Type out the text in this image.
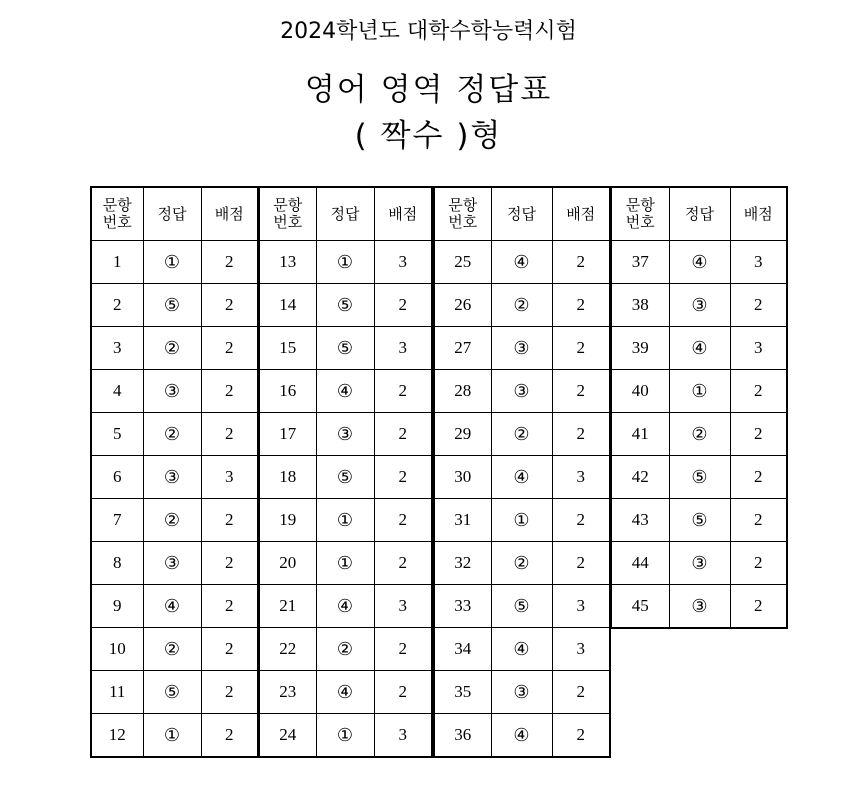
2024학년도 대학수학능력시험
영어 영역 정답표
( 짝수 )형
문항
번호	정답	배점
1	①	2
2	⑤	2
3	②	2
4	③	2
5	②	2
6	③	3
7	②	2
8	③	2
9	④	2
10	②	2
11	⑤	2
12	①	2
문항
번호	정답	배점
13	①	3
14	⑤	2
15	⑤	3
16	④	2
17	③	2
18	⑤	2
19	①	2
20	①	2
21	④	3
22	②	2
23	④	2
24	①	3
문항
번호	정답	배점
25	④	2
26	②	2
27	③	2
28	③	2
29	②	2
30	④	3
31	①	2
32	②	2
33	⑤	3
34	④	3
35	③	2
36	④	2
문항
번호	정답	배점
37	④	3
38	③	2
39	④	3
40	①	2
41	②	2
42	⑤	2
43	⑤	2
44	③	2
45	③	2
